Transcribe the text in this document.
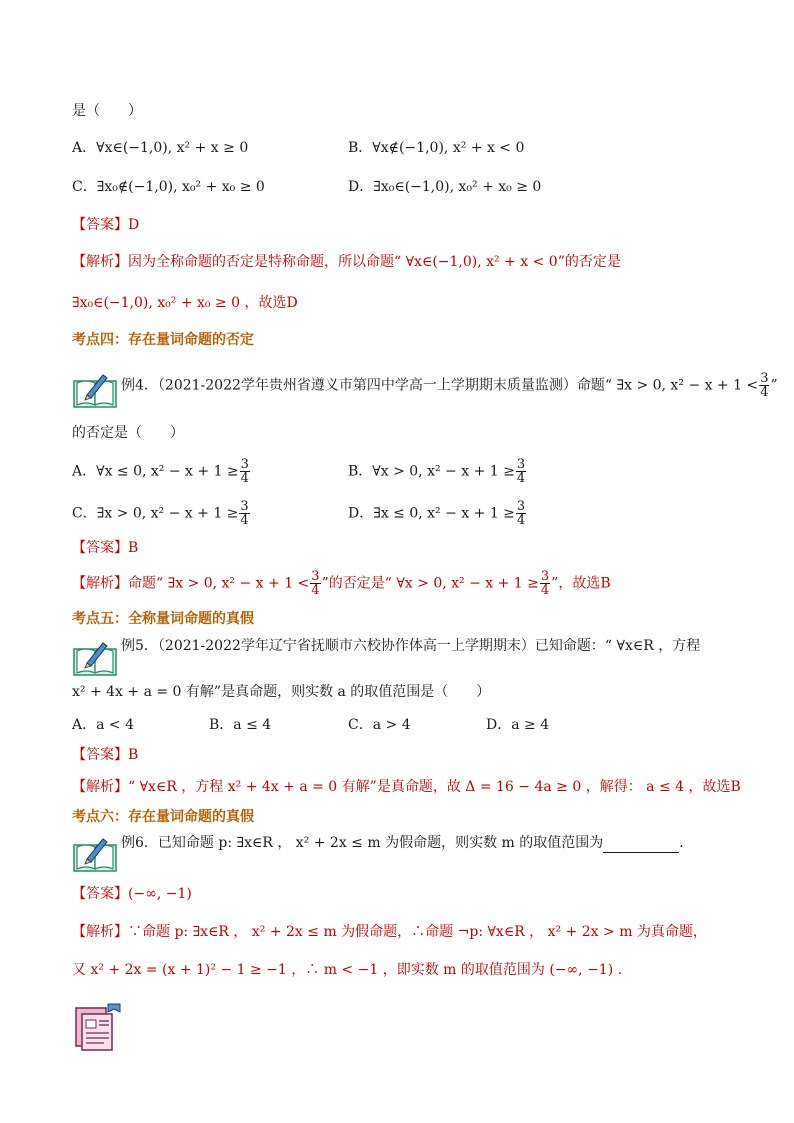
是（　　）
A．∀x∈(−1,0), x² + x ≥ 0	B．∀x∉(−1,0), x² + x < 0
C．∃x₀∉(−1,0), x₀² + x₀ ≥ 0	D．∃x₀∈(−1,0), x₀² + x₀ ≥ 0
【答案】D
【解析】因为全称命题的否定是特称命题，所以命题“ ∀x∈(−1,0), x² + x < 0”的否定是
∃x₀∈(−1,0), x₀² + x₀ ≥ 0 ，故选D
考点四：存在量词命题的否定
例4．（2021-2022学年贵州省遵义市第四中学高一上学期期末质量监测）命题“ ∃x > 0, $x^2 - x + 1 < \frac{3}{4}$ ”
的否定是（　　）
A．∀x ≤ 0, $x^2 - x + 1 \ge \frac{3}{4}$	B．∀x > 0, $x^2 - x + 1 \ge \frac{3}{4}$
C．∃x > 0, $x^2 - x + 1 \ge \frac{3}{4}$	D．∃x ≤ 0, $x^2 - x + 1 \ge \frac{3}{4}$
【答案】B
【解析】命题“ ∃x > 0, $x^2 - x + 1 < \frac{3}{4}$ ”的否定是“ ∀x > 0, $x^2 - x + 1 \ge \frac{3}{4}$ ”，故选B
考点五：全称量词命题的真假
例5．（2021-2022学年辽宁省抚顺市六校协作体高一上学期期末）已知命题：“ ∀x∈R ，方程
x² + 4x + a = 0 有解”是真命题，则实数 a 的取值范围是（　　）
A．a < 4	B．a ≤ 4	C．a > 4	D．a ≥ 4
【答案】B
【解析】“ ∀x∈R ，方程 x² + 4x + a = 0 有解”是真命题，故 Δ = 16 − 4a ≥ 0 ，解得： a ≤ 4 ，故选B
考点六：存在量词命题的真假
例6．已知命题 p: ∃x∈R ， x² + 2x ≤ m 为假命题，则实数 m 的取值范围为	.
【答案】(−∞, −1)
【解析】∵命题 p: ∃x∈R ， x² + 2x ≤ m 为假命题，∴命题 ¬p: ∀x∈R ， x² + 2x > m 为真命题，
又 x² + 2x = (x + 1)² − 1 ≥ −1 ，∴ m < −1 ，即实数 m 的取值范围为 (−∞, −1) .
